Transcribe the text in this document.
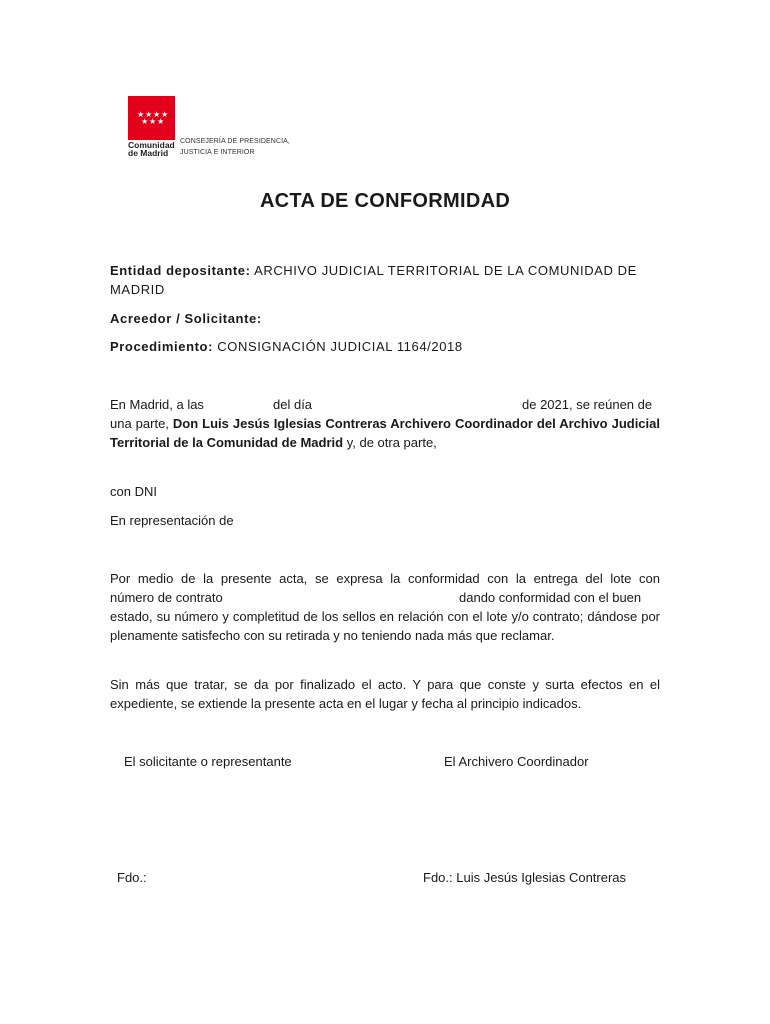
★ ★ ★ ★
★ ★ ★
Comunidad
de Madrid
CONSEJERÍA DE PRESIDENCIA,
JUSTICIA E INTERIOR
ACTA DE CONFORMIDAD
Entidad depositante: ARCHIVO JUDICIAL TERRITORIAL DE LA COMUNIDAD DE MADRID
Acreedor / Solicitante:
Procedimiento: CONSIGNACIÓN JUDICIAL 1164/2018
En Madrid, a las	del día	de 2021, se reúnen de
una parte, Don Luis Jesús Iglesias Contreras Archivero Coordinador del Archivo Judicial Territorial de la Comunidad de Madrid y, de otra parte,
con DNI
En representación de
Por medio de la presente acta, se expresa la conformidad con la entrega del lote con
número de contrato	dando conformidad con el buen
estado, su número y completitud de los sellos en relación con el lote y/o contrato; dándose por plenamente satisfecho con su retirada y no teniendo nada más que reclamar.
Sin más que tratar, se da por finalizado el acto. Y para que conste y surta efectos en el expediente, se extiende la presente acta en el lugar y fecha al principio indicados.
El solicitante o representante	El Archivero Coordinador
Fdo.:	Fdo.: Luis Jesús Iglesias Contreras
